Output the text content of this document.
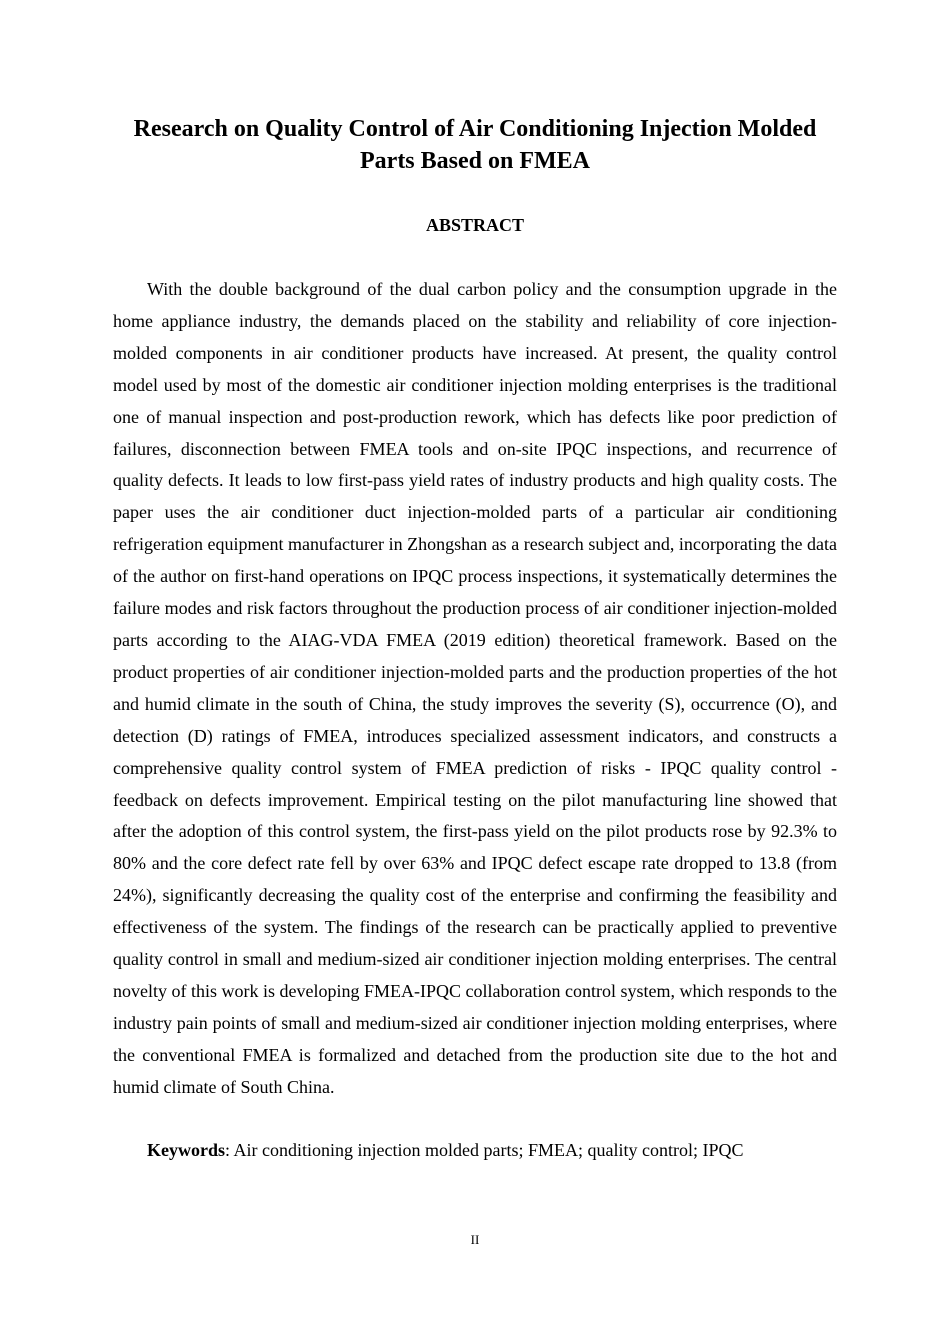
Research on Quality Control of Air Conditioning Injection Molded Parts Based on FMEA
ABSTRACT

With the double background of the dual carbon policy and the consumption upgrade in the home appliance industry, the demands placed on the stability and reliability of core injection-molded components in air conditioner products have increased. At present, the quality control model used by most of the domestic air conditioner injection molding enterprises is the traditional one of manual inspection and post-production rework, which has defects like poor prediction of failures, disconnection between FMEA tools and on-site IPQC inspections, and recurrence of quality defects. It leads to low first-pass yield rates of industry products and high quality costs. The paper uses the air conditioner duct injection-molded parts of a particular air conditioning refrigeration equipment manufacturer in Zhongshan as a research subject and, incorporating the data of the author on first-hand operations on IPQC process inspections, it systematically determines the failure modes and risk factors throughout the production process of air conditioner injection-molded parts according to the AIAG-VDA FMEA (2019 edition) theoretical framework. Based on the product properties of air conditioner injection-molded parts and the production properties of the hot and humid climate in the south of China, the study improves the severity (S), occurrence (O), and detection (D) ratings of FMEA, introduces specialized assessment indicators, and constructs a comprehensive quality control system of FMEA prediction of risks - IPQC quality control - feedback on defects improvement. Empirical testing on the pilot manufacturing line showed that after the adoption of this control system, the first-pass yield on the pilot products rose by 92.3% to 80% and the core defect rate fell by over 63% and IPQC defect escape rate dropped to 13.8 (from 24%), significantly decreasing the quality cost of the enterprise and confirming the feasibility and effectiveness of the system. The findings of the research can be practically applied to preventive quality control in small and medium-sized air conditioner injection molding enterprises. The central novelty of this work is developing FMEA-IPQC collaboration control system, which responds to the industry pain points of small and medium-sized air conditioner injection molding enterprises, where the conventional FMEA is formalized and detached from the production site due to the hot and humid climate of South China.

Keywords: Air conditioning injection molded parts; FMEA; quality control; IPQC

II
